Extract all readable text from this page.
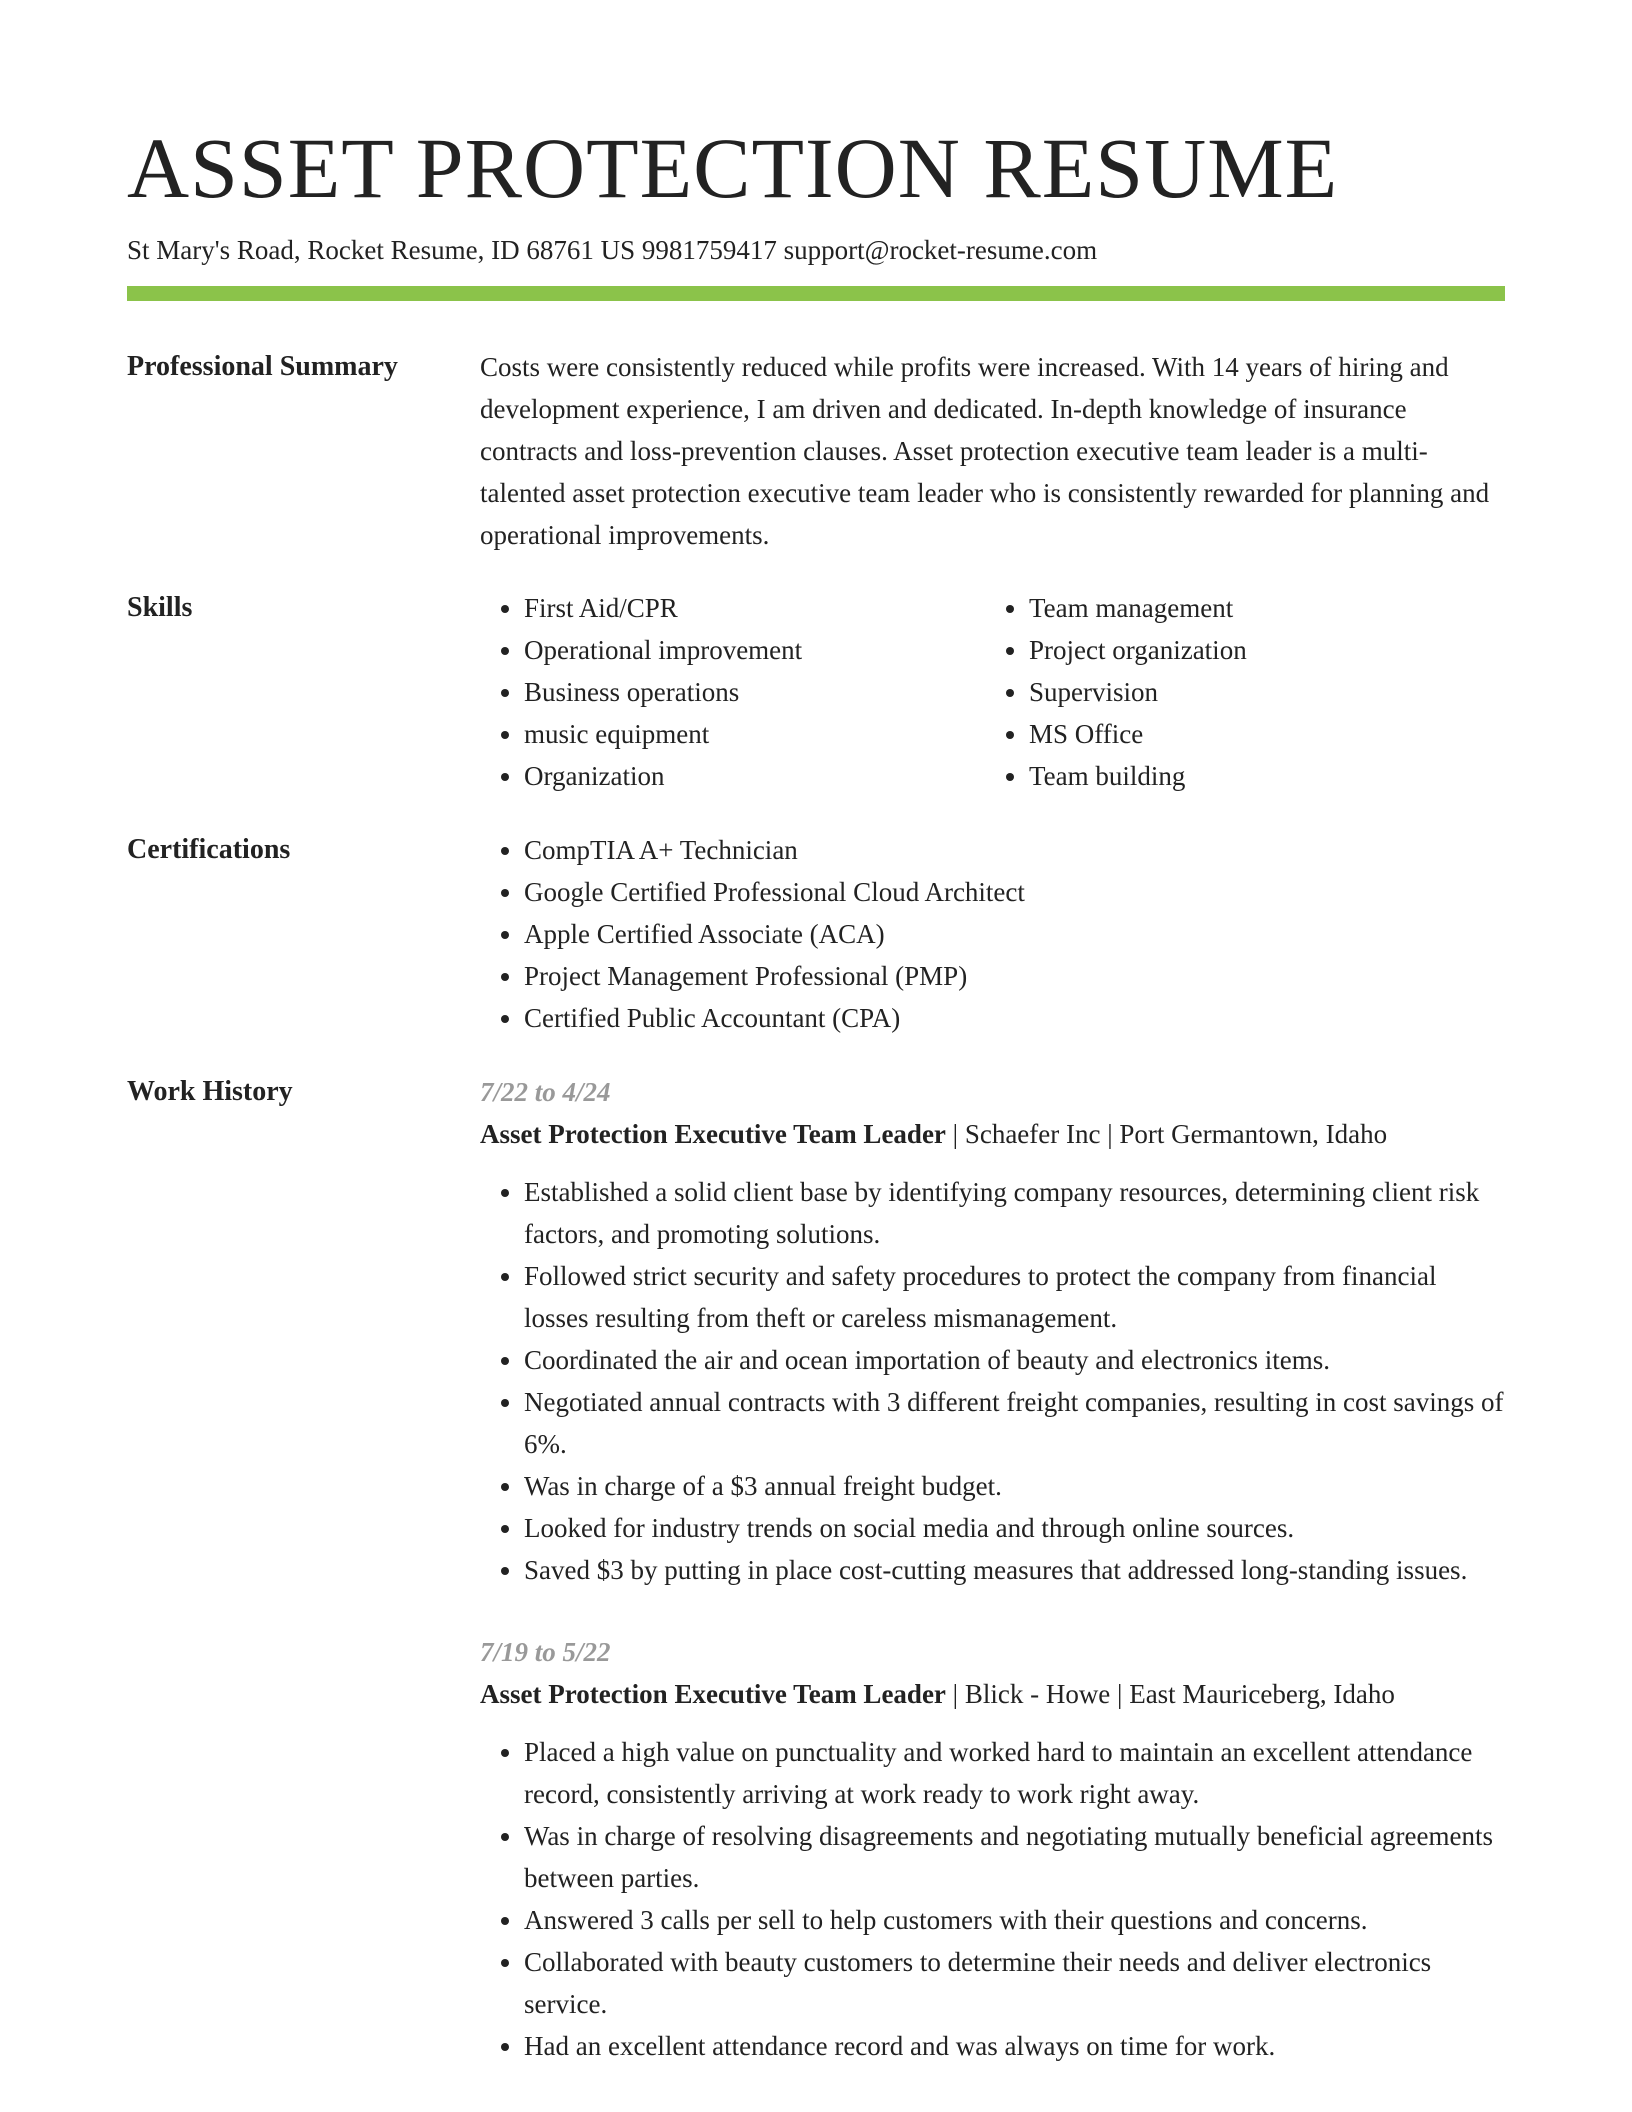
ASSET PROTECTION RESUME
St Mary's Road, Rocket Resume, ID 68761 US 9981759417 support@rocket-resume.com
Professional Summary	Costs were consistently reduced while profits were increased. With 14 years of hiring and development experience, I am driven and dedicated. In-depth knowledge of insurance contracts and loss-prevention clauses. Asset protection executive team leader is a multi-talented asset protection executive team leader who is consistently rewarded for planning and operational improvements.

Skills	• First Aid/CPR
• Operational improvement
• Business operations
• music equipment
• Organization
• Team management
• Project organization
• Supervision
• MS Office
• Team building
Certifications	• CompTIA A+ Technician
• Google Certified Professional Cloud Architect
• Apple Certified Associate (ACA)
• Project Management Professional (PMP)
• Certified Public Accountant (CPA)
Work History	7/22 to 4/24
Asset Protection Executive Team Leader | Schaefer Inc | Port Germantown, Idaho
• Established a solid client base by identifying company resources, determining client risk factors, and promoting solutions.
• Followed strict security and safety procedures to protect the company from financial losses resulting from theft or careless mismanagement.
• Coordinated the air and ocean importation of beauty and electronics items.
• Negotiated annual contracts with 3 different freight companies, resulting in cost savings of 6%.
• Was in charge of a $3 annual freight budget.
• Looked for industry trends on social media and through online sources.
• Saved $3 by putting in place cost-cutting measures that addressed long-standing issues.
7/19 to 5/22
Asset Protection Executive Team Leader | Blick - Howe | East Mauriceberg, Idaho
• Placed a high value on punctuality and worked hard to maintain an excellent attendance record, consistently arriving at work ready to work right away.
• Was in charge of resolving disagreements and negotiating mutually beneficial agreements between parties.
• Answered 3 calls per sell to help customers with their questions and concerns.
• Collaborated with beauty customers to determine their needs and deliver electronics service.
• Had an excellent attendance record and was always on time for work.
